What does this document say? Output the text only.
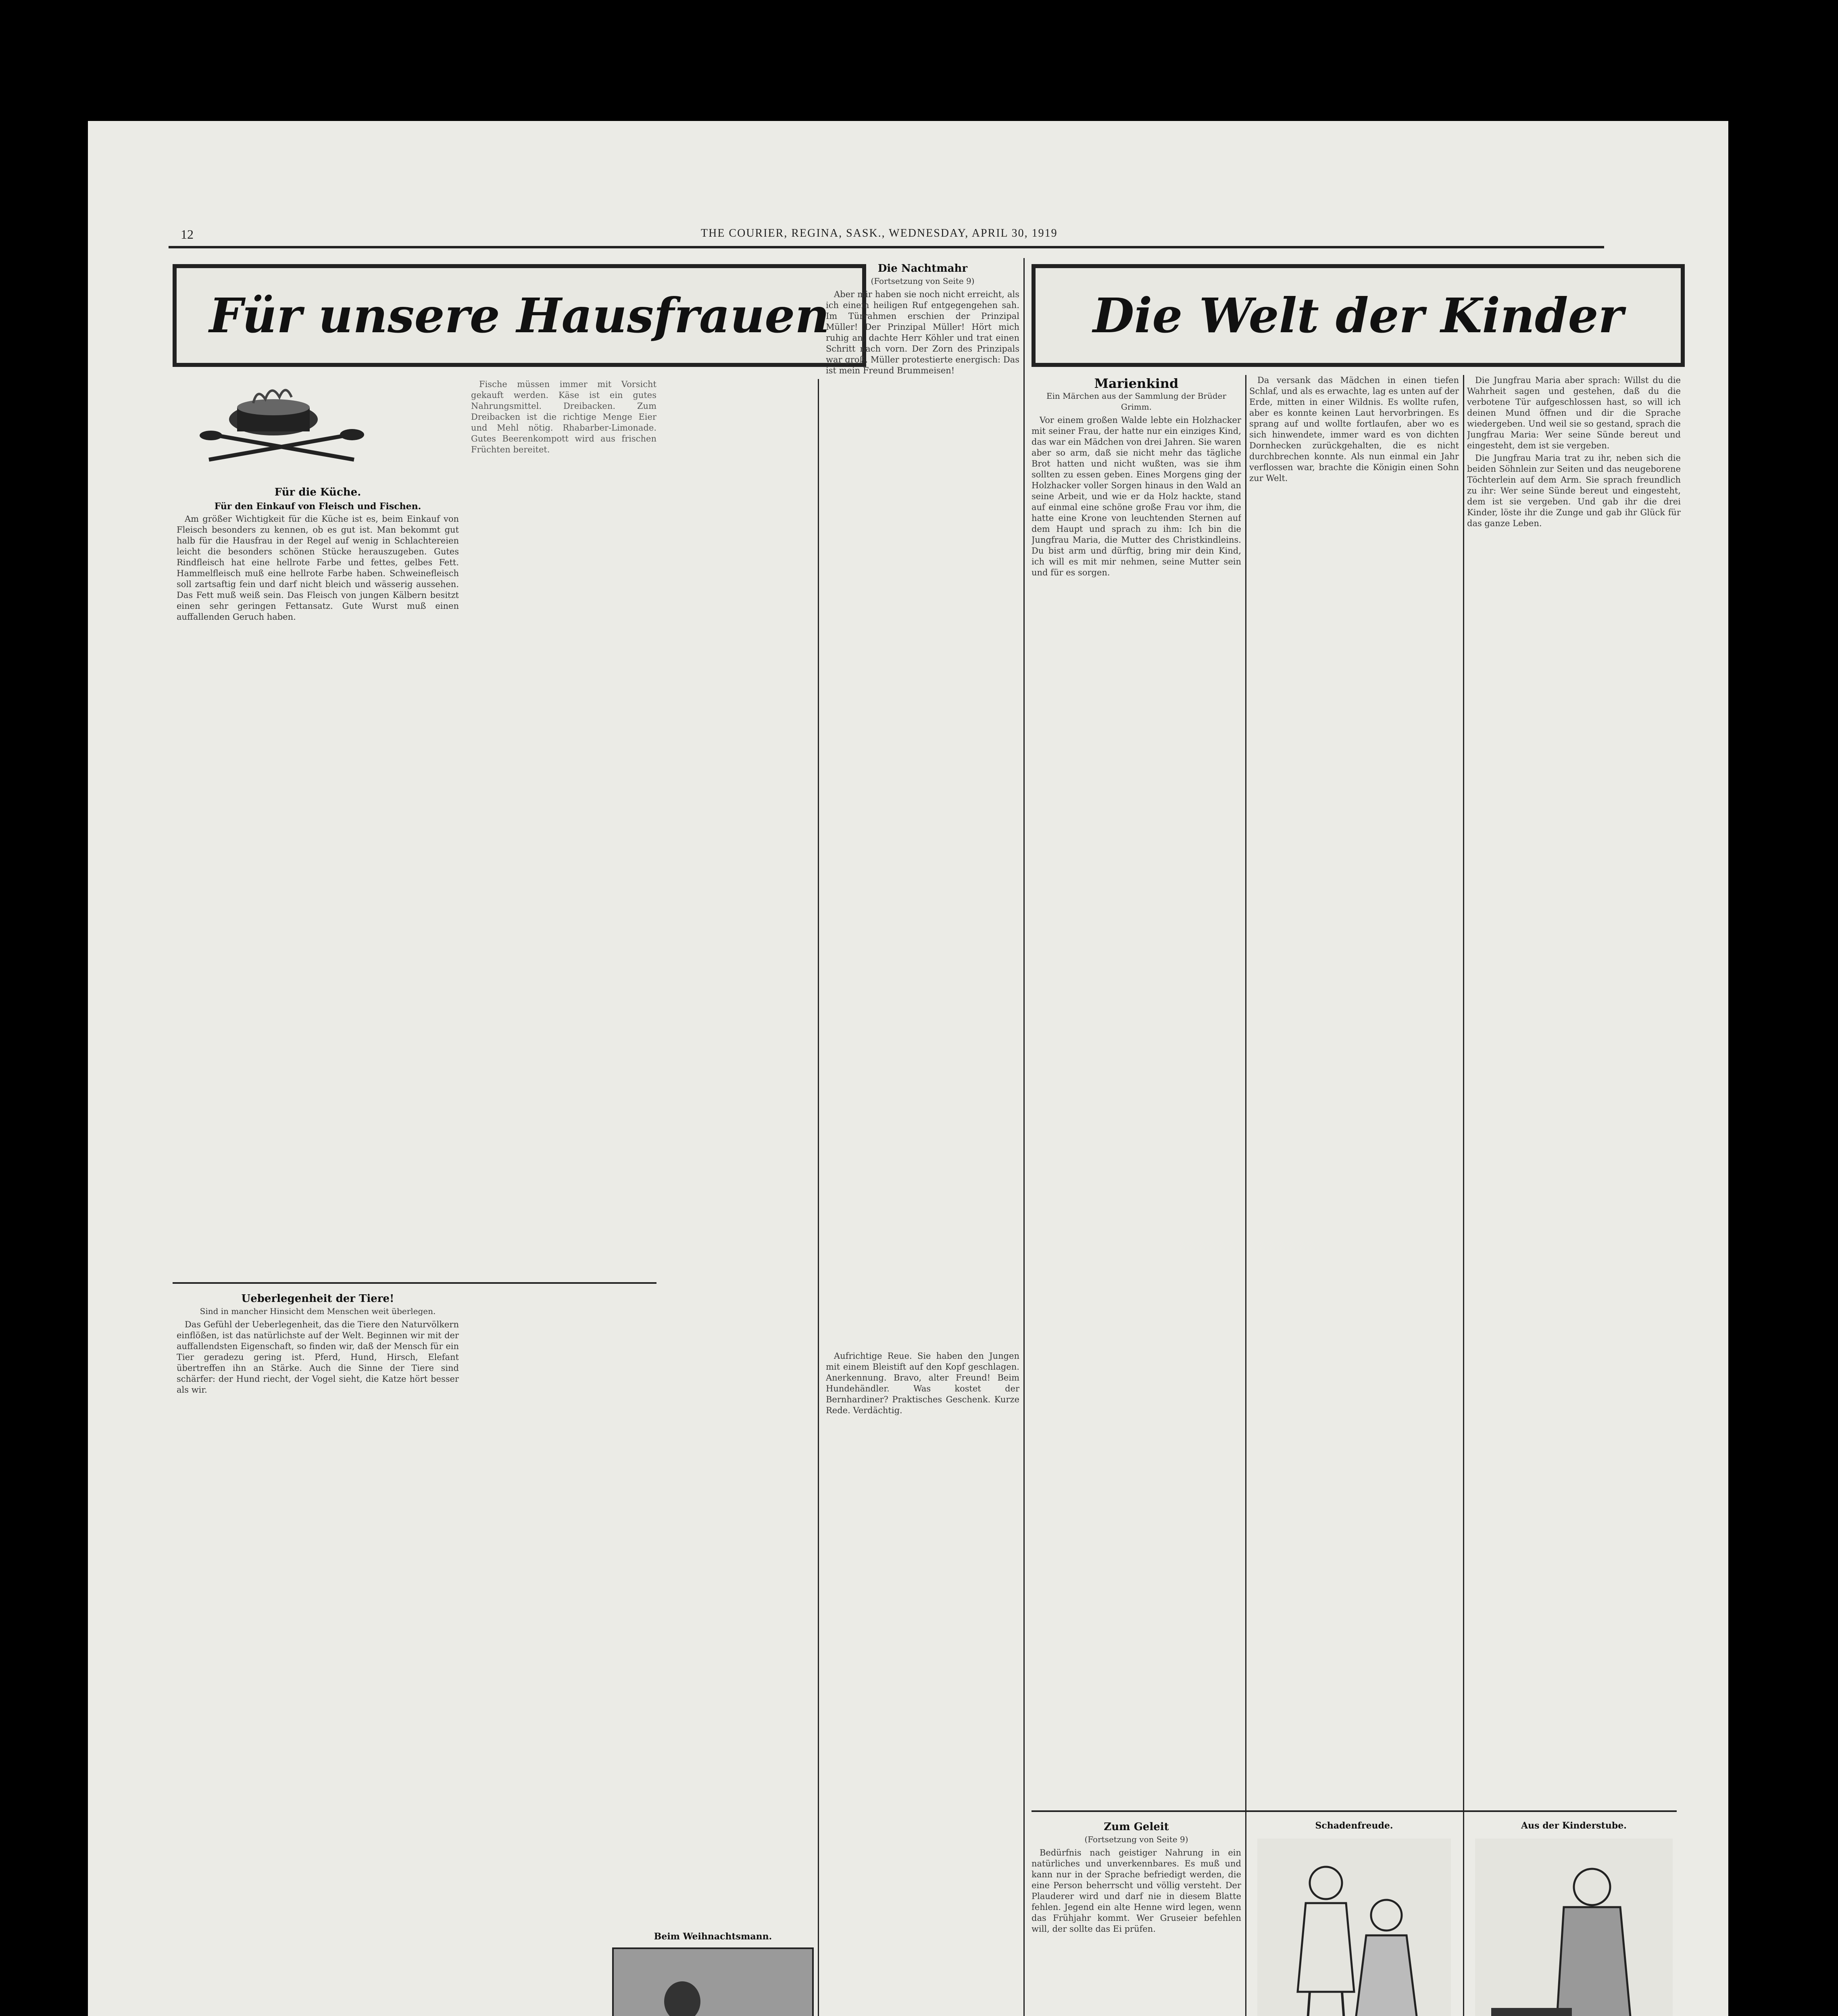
12	THE COURIER, REGINA, SASK., WEDNESDAY, APRIL 30, 1919
Für unsere Hausfrauen

Für die Küche.

Für den Einkauf von Fleisch und Fischen.

Am größer Wichtigkeit für die Küche ist es, beim Einkauf von Fleisch besonders zu kennen, ob es gut ist. Man bekommt gut halb für die Hausfrau in der Regel auf wenig in Schlachtereien leicht die besonders schönen Stücke herauszugeben. Gutes Rindfleisch hat eine hellrote Farbe und fettes, gelbes Fett. Hammelfleisch muß eine hellrote Farbe haben. Schweinefleisch soll zartsaftig fein und darf nicht bleich und wässerig aussehen. Das Fett muß weiß sein. Das Fleisch von jungen Kälbern besitzt einen sehr geringen Fettansatz. Gute Wurst muß einen auffallenden Geruch haben.

Fische müssen immer mit Vorsicht gekauft werden. Käse ist ein gutes Nahrungsmittel. Dreibacken. Zum Dreibacken ist die richtige Menge Eier und Mehl nötig. Rhabarber-Limonade. Gutes Beerenkompott wird aus frischen Früchten bereitet.

Ueberlegenheit der Tiere!

Sind in mancher Hinsicht dem Menschen weit überlegen.

Das Gefühl der Ueberlegenheit, das die Tiere den Naturvölkern einflößen, ist das natürlichste auf der Welt. Beginnen wir mit der auffallendsten Eigenschaft, so finden wir, daß der Mensch für ein Tier geradezu gering ist. Pferd, Hund, Hirsch, Elefant übertreffen ihn an Stärke. Auch die Sinne der Tiere sind schärfer: der Hund riecht, der Vogel sieht, die Katze hört besser als wir.

Die Nachtmahr

(Fortsetzung von Seite 9)

Aber mir haben sie noch nicht erreicht, als ich einem heiligen Ruf entgegengehen sah. Im Türrahmen erschien der Prinzipal Müller! Der Prinzipal Müller! Hört mich ruhig an, dachte Herr Köhler und trat einen Schritt nach vorn. Der Zorn des Prinzipals war groß. Müller protestierte energisch: Das ist mein Freund Brummeisen!

Aufrichtige Reue. Sie haben den Jungen mit einem Bleistift auf den Kopf geschlagen. Anerkennung. Bravo, alter Freund! Beim Hundehändler. Was kostet der Bernhardiner? Praktisches Geschenk. Kurze Rede. Verdächtig.

Beim Weihnachtsmann.

Die Welt der Kinder

Marienkind

Ein Märchen aus der Sammlung der Brüder Grimm.

Vor einem großen Walde lebte ein Holzhacker mit seiner Frau, der hatte nur ein einziges Kind, das war ein Mädchen von drei Jahren. Sie waren aber so arm, daß sie nicht mehr das tägliche Brot hatten und nicht wußten, was sie ihm sollten zu essen geben. Eines Morgens ging der Holzhacker voller Sorgen hinaus in den Wald an seine Arbeit, und wie er da Holz hackte, stand auf einmal eine schöne große Frau vor ihm, die hatte eine Krone von leuchtenden Sternen auf dem Haupt und sprach zu ihm: Ich bin die Jungfrau Maria, die Mutter des Christkindleins. Du bist arm und dürftig, bring mir dein Kind, ich will es mit mir nehmen, seine Mutter sein und für es sorgen.

Da versank das Mädchen in einen tiefen Schlaf, und als es erwachte, lag es unten auf der Erde, mitten in einer Wildnis. Es wollte rufen, aber es konnte keinen Laut hervorbringen. Es sprang auf und wollte fortlaufen, aber wo es sich hinwendete, immer ward es von dichten Dornhecken zurückgehalten, die es nicht durchbrechen konnte. Als nun einmal ein Jahr verflossen war, brachte die Königin einen Sohn zur Welt.

Die Jungfrau Maria aber sprach: Willst du die Wahrheit sagen und gestehen, daß du die verbotene Tür aufgeschlossen hast, so will ich deinen Mund öffnen und dir die Sprache wiedergeben. Und weil sie so gestand, sprach die Jungfrau Maria: Wer seine Sünde bereut und eingesteht, dem ist sie vergeben.

Die Jungfrau Maria trat zu ihr, neben sich die beiden Söhnlein zur Seiten und das neugeborene Töchterlein auf dem Arm. Sie sprach freundlich zu ihr: Wer seine Sünde bereut und eingesteht, dem ist sie vergeben. Und gab ihr die drei Kinder, löste ihr die Zunge und gab ihr Glück für das ganze Leben.

Zum Geleit

(Fortsetzung von Seite 9)

Bedürfnis nach geistiger Nahrung in ein natürliches und unverkennbares. Es muß und kann nur in der Sprache befriedigt werden, die eine Person beherrscht und völlig versteht. Der Plauderer wird und darf nie in diesem Blatte fehlen. Jegend ein alte Henne wird legen, wenn das Frühjahr kommt. Wer Gruseier befehlen will, der sollte das Ei prüfen.

Schadenfreude.	Aus der Kinderstube.
